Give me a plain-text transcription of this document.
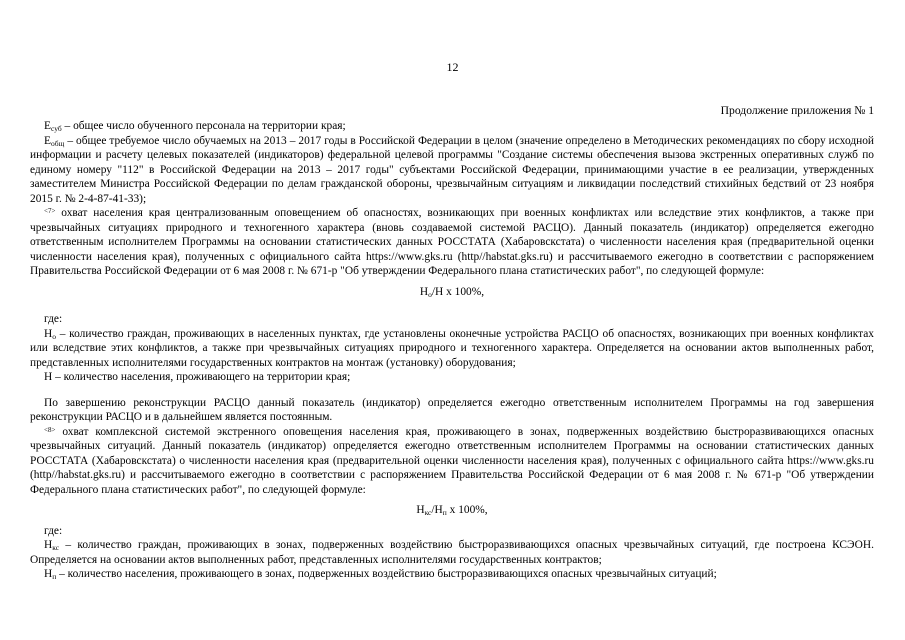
12
Продолжение приложения № 1

$Е_{суб}$ – общее число обученного персонала на территории края;

$Е_{общ}$ – общее требуемое число обучаемых на 2013 – 2017 годы в Российской Федерации в целом (значение определено в Методических рекомендациях по сбору исходной информации и расчету целевых показателей (индикаторов) федеральной целевой программы "Создание системы обеспечения вызова экстренных оперативных служб по единому номеру "112" в Российской Федерации на 2013 – 2017 годы" субъектами Российской Федерации, принимающими участие в ее реализации, утвержденных заместителем Министра Российской Федерации по делам гражданской обороны, чрезвычайным ситуациям и ликвидации последствий стихийных бедствий от 23 ноября 2015 г. № 2-4-87-41-33);

$^{<7>}$ охват населения края централизованным оповещением об опасностях, возникающих при военных конфликтах или вследствие этих конфликтов, а также при чрезвычайных ситуациях природного и техногенного характера (вновь создаваемой системой РАСЦО). Данный показатель (индикатор) определяется ежегодно ответственным исполнителем Программы на основании статистических данных РОССТАТА (Хабаровскстата) о численности населения края (предварительной оценки численности населения края), полученных с официального сайта https://www.gks.ru (http//habstat.gks.ru) и рассчитываемого ежегодно в соответствии с распоряжением Правительства Российской Федерации от 6 мая 2008 г. № 671-р "Об утверждении Федерального плана статистических работ", по следующей формуле:

$Н_о/Н$ x 100%,

где:

$Н_о$ – количество граждан, проживающих в населенных пунктах, где установлены оконечные устройства РАСЦО об опасностях, возникающих при военных конфликтах или вследствие этих конфликтов, а также при чрезвычайных ситуациях природного и техногенного характера. Определяется на основании актов выполненных работ, представленных исполнителями государственных контрактов на монтаж (установку) оборудования;

Н – количество населения, проживающего на территории края;

По завершению реконструкции РАСЦО данный показатель (индикатор) определяется ежегодно ответственным исполнителем Программы на год завершения реконструкции РАСЦО и в дальнейшем является постоянным.

$^{<8>}$ охват комплексной системой экстренного оповещения населения края, проживающего в зонах, подверженных воздействию быстроразвивающихся опасных чрезвычайных ситуаций. Данный показатель (индикатор) определяется ежегодно ответственным исполнителем Программы на основании статистических данных РОССТАТА (Хабаровскстата) о численности населения края (предварительной оценки численности населения края), полученных с официального сайта https://www.gks.ru (http//habstat.gks.ru) и рассчитываемого ежегодно в соответствии с распоряжением Правительства Российской Федерации от 6 мая 2008 г. № 671-р "Об утверждении Федерального плана статистических работ", по следующей формуле:

$Н_{кс}/Н_п$ x 100%,

где:

$Н_{кс}$ – количество граждан, проживающих в зонах, подверженных воздействию быстроразвивающихся опасных чрезвычайных ситуаций, где построена КСЭОН. Определяется на основании актов выполненных работ, представленных исполнителями государственных контрактов;

$Н_п$ – количество населения, проживающего в зонах, подверженных воздействию быстроразвивающихся опасных чрезвычайных ситуаций;
